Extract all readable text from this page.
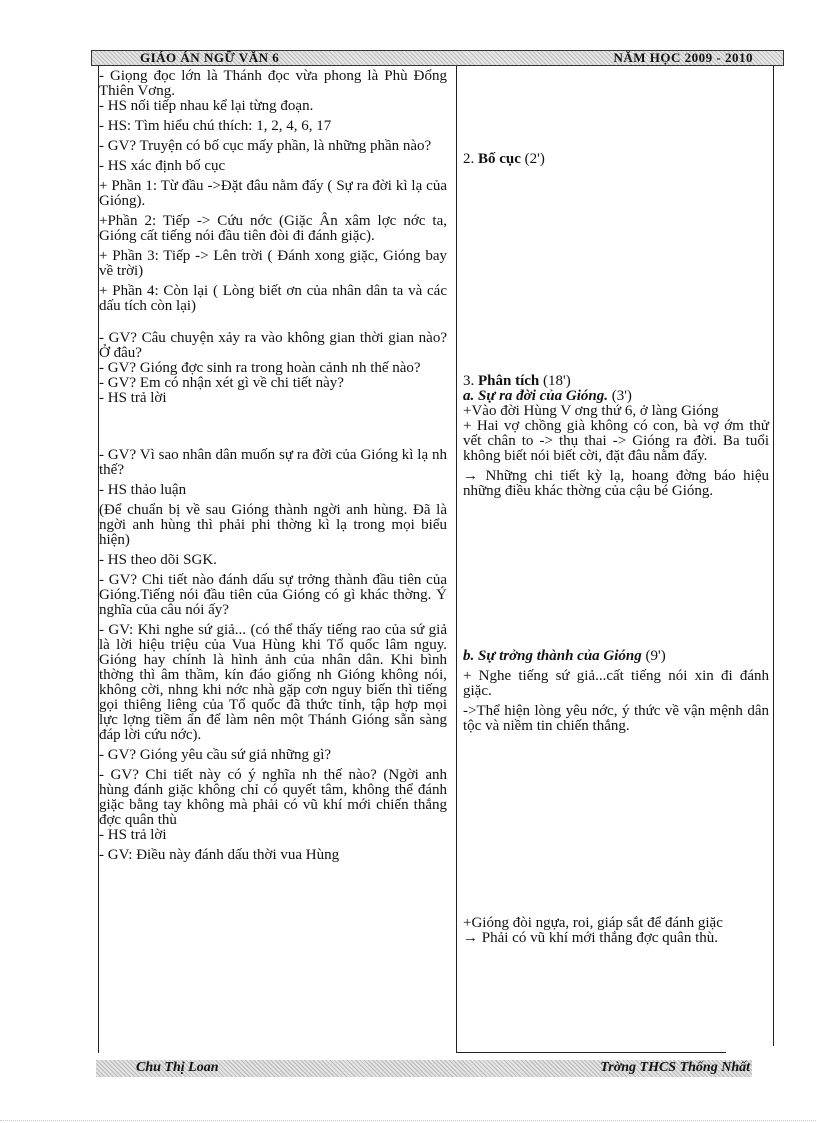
GIÁO ÁN NGỮ VĂN 6	NĂM HỌC 2009 - 2010

- Giọng đọc lớn là Thánh đọc vừa phong là Phù Đổng Thiên Vơng.

- HS nối tiếp nhau kể lại từng đoạn.

- HS: Tìm hiểu chú thích: 1, 2, 4, 6, 17

- GV? Truyện có bố cục mấy phần, là những phần nào?

- HS xác định bố cục

+ Phần 1: Từ đầu ->Đặt đâu nằm đấy ( Sự ra đời kì lạ của Gióng).

+Phần 2: Tiếp -> Cứu nớc (Giặc Ân xâm lợc nớc ta, Gióng cất tiếng nói đầu tiên đòi đi đánh giặc).

+ Phần 3: Tiếp -> Lên trời ( Đánh xong giặc, Gióng bay về trời)

+ Phần 4: Còn lại ( Lòng biết ơn của nhân dân ta và các dấu tích còn lại)

- GV? Câu chuyện xảy ra vào không gian thời gian nào? Ở đâu?

- GV? Gióng đợc sinh ra trong hoàn cảnh nh thế nào?

- GV? Em có nhận xét gì về chi tiết này?

- HS trả lời

- GV? Vì sao nhân dân muốn sự ra đời của Gióng kì lạ nh thế?

- HS thảo luận

(Để chuẩn bị về sau Gióng thành ngời anh hùng. Đã là ngời anh hùng thì phải phi thờng kì lạ trong mọi biểu hiện)

- HS theo dõi SGK.

- GV? Chi tiết nào đánh dấu sự trởng thành đầu tiên của Gióng.Tiếng nói đầu tiên của Gióng có gì khác thờng. Ý nghĩa của câu nói ấy?

- GV: Khi nghe sứ giả... (có thể thấy tiếng rao của sứ giả là lời hiệu triệu của Vua Hùng khi Tổ quốc lâm nguy. Gióng hay chính là hình ảnh của nhân dân. Khi bình thờng thì âm thầm, kín đáo giống nh Gióng không nói, không cời, nhng khi nớc nhà gặp cơn nguy biến thì tiếng gọi thiêng liêng của Tổ quốc đã thức tỉnh, tập hợp mọi lực lợng tiềm ẩn để làm nên một Thánh Gióng sẵn sàng đáp lời cứu nớc).

- GV? Gióng yêu cầu sứ giả những gì?

- GV? Chi tiết này có ý nghĩa nh thế nào? (Ngời anh hùng đánh giặc không chỉ có quyết tâm, không thể đánh giặc bằng tay không mà phải có vũ khí mới chiến thắng đợc quân thù

- HS trả lời

- GV: Điều này đánh dấu thời vua Hùng

2. Bố cục (2')

3. Phân tích (18')

a. Sự ra đời của Gióng. (3')

+Vào đời Hùng V ơng thứ 6, ở làng Gióng

+ Hai vợ chồng già không có con, bà vợ ớm thử vết chân to -> thụ thai -> Gióng ra đời. Ba tuổi không biết nói biết cời, đặt đâu nằm đấy.

→ Những chi tiết kỳ lạ, hoang đờng báo hiệu những điều khác thờng của cậu bé Gióng.

b. Sự trởng thành của Gióng (9')

+ Nghe tiếng sứ giả...cất tiếng nói xin đi đánh giặc.

->Thể hiện lòng yêu nớc, ý thức về vận mệnh dân tộc và niềm tin chiến thắng.

+Gióng đòi ngựa, roi, giáp sắt để đánh giặc

→ Phải có vũ khí mới thắng đợc quân thù.

Chu Thị Loan	Trờng THCS Thống Nhất
